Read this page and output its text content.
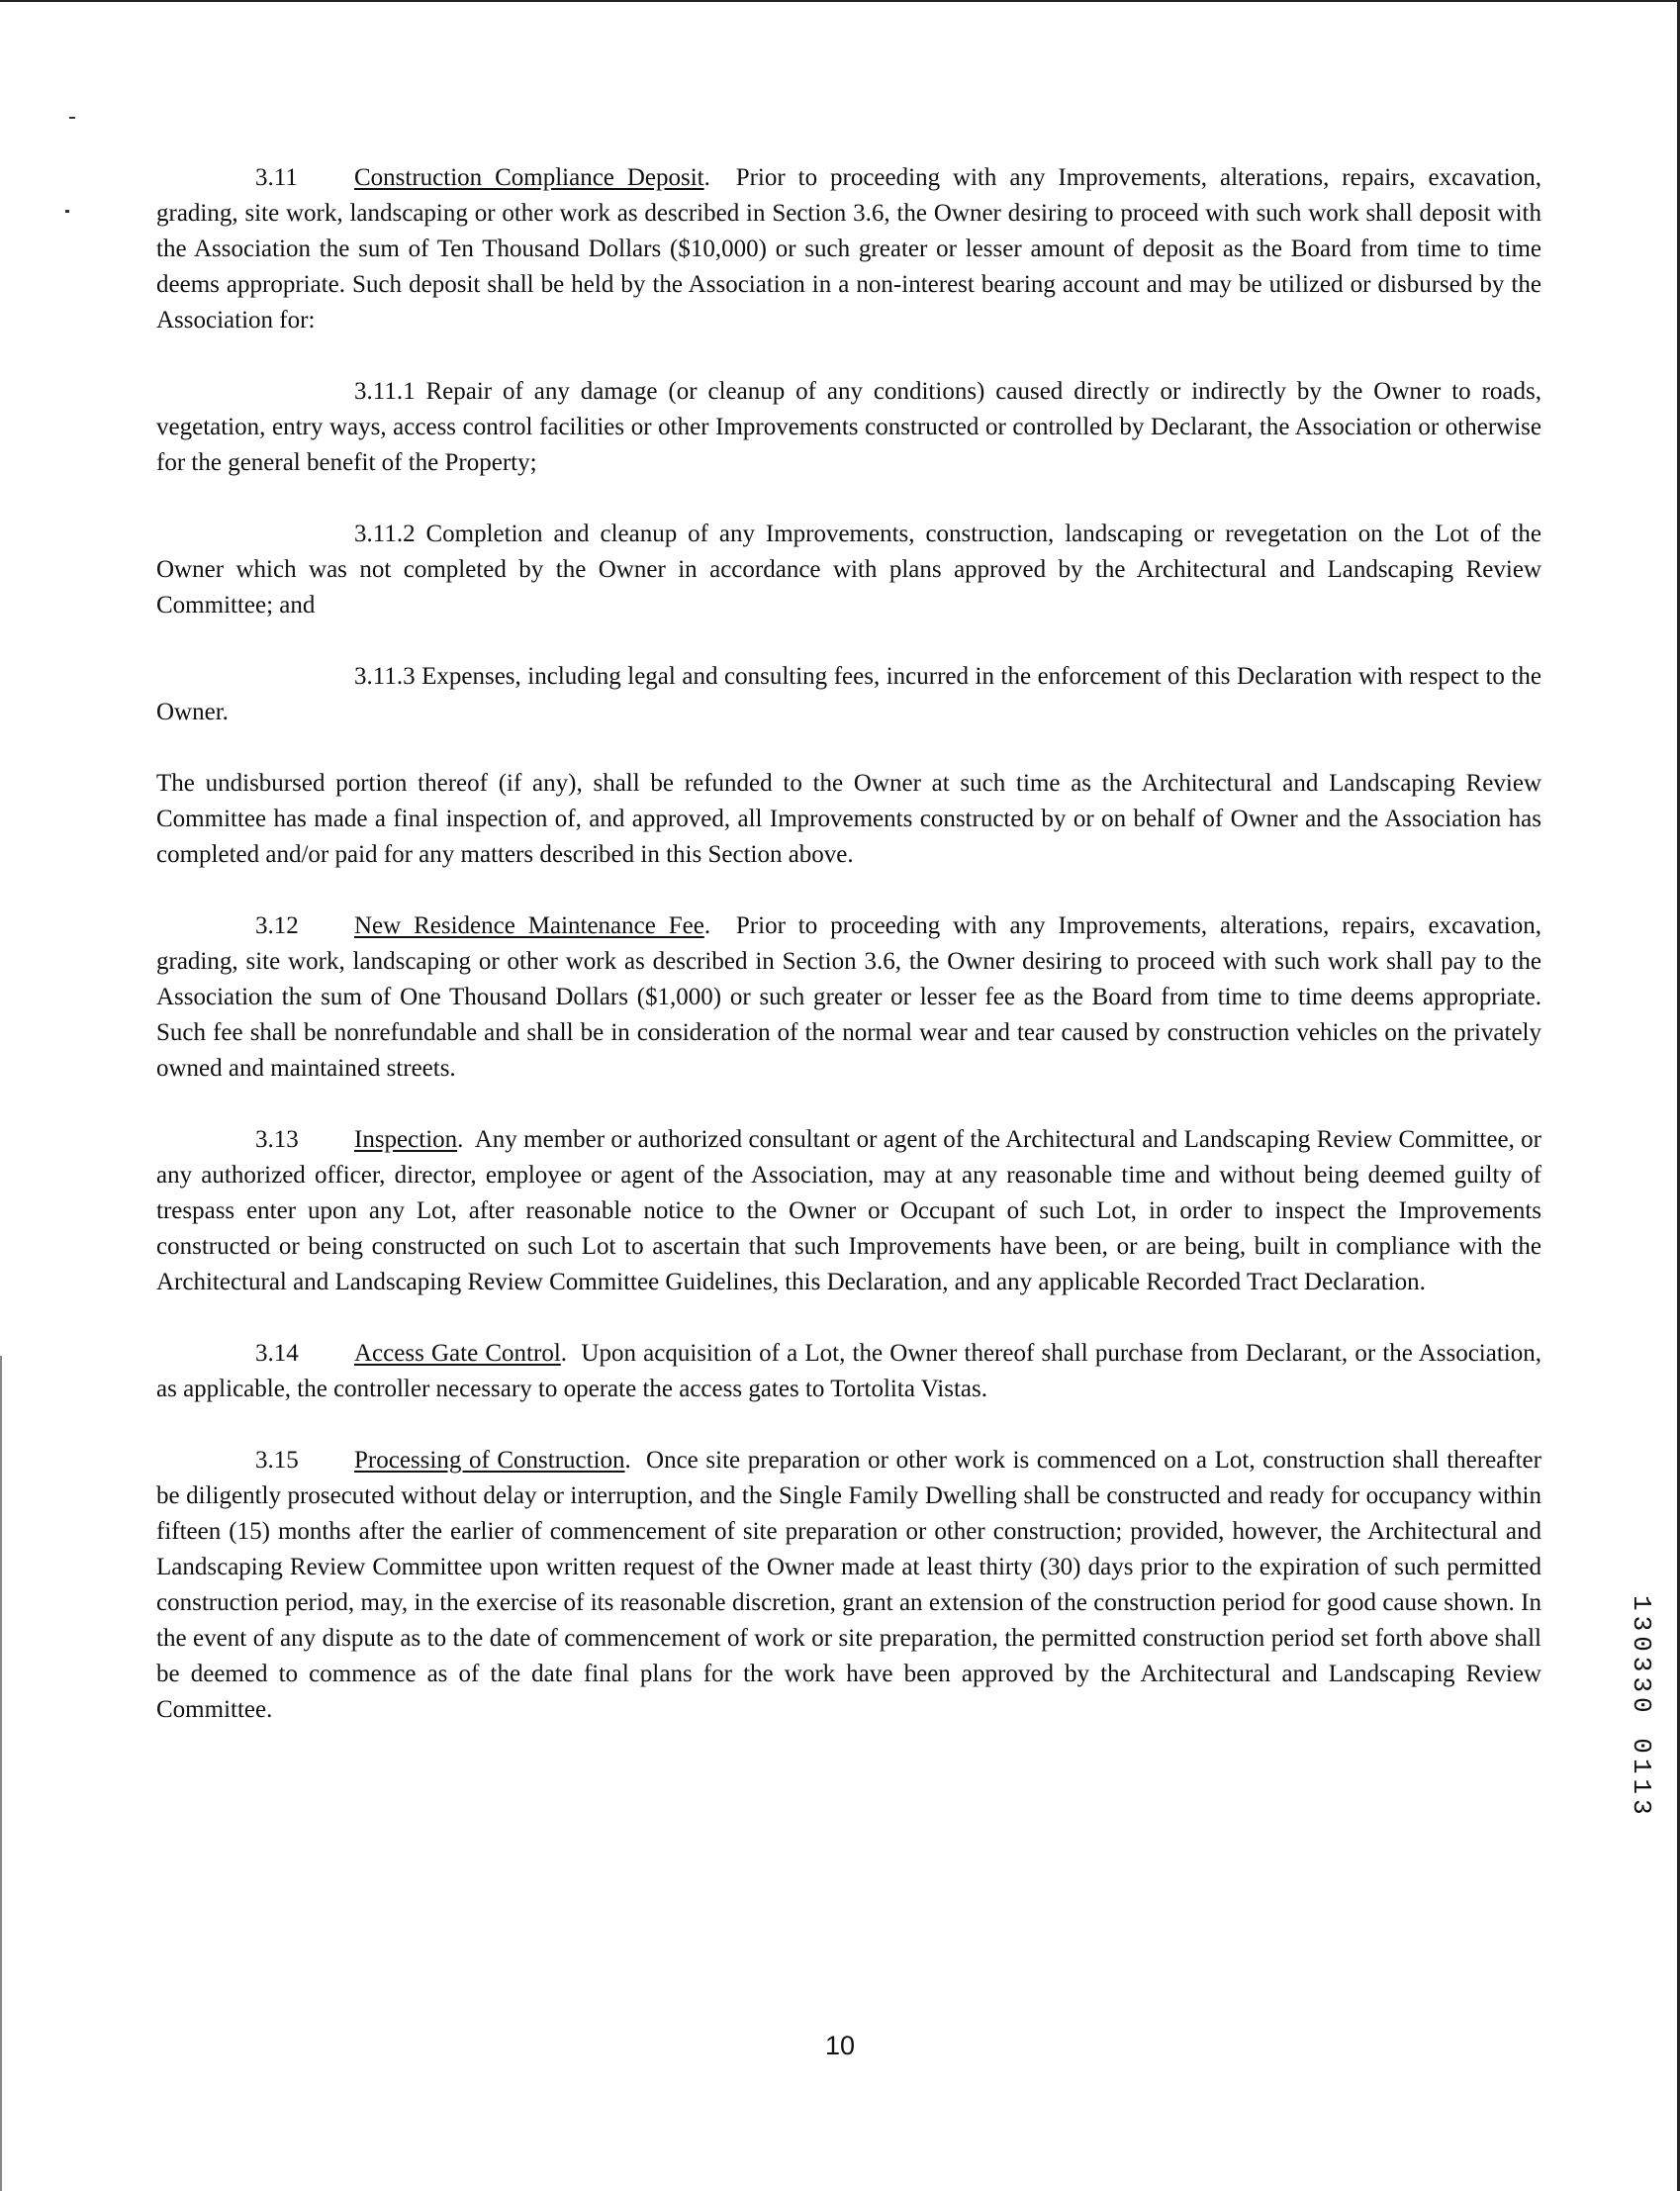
3.11 Construction Compliance Deposit.  Prior to proceeding with any Improvements, alterations, repairs, excavation, grading, site work, landscaping or other work as described in Section 3.6, the Owner desiring to proceed with such work shall deposit with the Association the sum of Ten Thousand Dollars ($10,000) or such greater or lesser amount of deposit as the Board from time to time deems appropriate. Such deposit shall be held by the Association in a non-interest bearing account and may be utilized or disbursed by the Association for:

3.11.1 Repair of any damage (or cleanup of any conditions) caused directly or indirectly by the Owner to roads, vegetation, entry ways, access control facilities or other Improvements constructed or controlled by Declarant, the Association or otherwise for the general benefit of the Property;

3.11.2 Completion and cleanup of any Improvements, construction, landscaping or revegetation on the Lot of the Owner which was not completed by the Owner in accordance with plans approved by the Architectural and Landscaping Review Committee; and

3.11.3 Expenses, including legal and consulting fees, incurred in the enforcement of this Declaration with respect to the Owner.

The undisbursed portion thereof (if any), shall be refunded to the Owner at such time as the Architectural and Landscaping Review Committee has made a final inspection of, and approved, all Improvements constructed by or on behalf of Owner and the Association has completed and/or paid for any matters described in this Section above.

3.12 New Residence Maintenance Fee.  Prior to proceeding with any Improvements, alterations, repairs, excavation, grading, site work, landscaping or other work as described in Section 3.6, the Owner desiring to proceed with such work shall pay to the Association the sum of One Thousand Dollars ($1,000) or such greater or lesser fee as the Board from time to time deems appropriate. Such fee shall be nonrefundable and shall be in consideration of the normal wear and tear caused by construction vehicles on the privately owned and maintained streets.

3.13 Inspection.  Any member or authorized consultant or agent of the Architectural and Landscaping Review Committee, or any authorized officer, director, employee or agent of the Association, may at any reasonable time and without being deemed guilty of trespass enter upon any Lot, after reasonable notice to the Owner or Occupant of such Lot, in order to inspect the Improvements constructed or being constructed on such Lot to ascertain that such Improvements have been, or are being, built in compliance with the Architectural and Landscaping Review Committee Guidelines, this Declaration, and any applicable Recorded Tract Declaration.

3.14 Access Gate Control.  Upon acquisition of a Lot, the Owner thereof shall purchase from Declarant, or the Association, as applicable, the controller necessary to operate the access gates to Tortolita Vistas.

3.15 Processing of Construction.  Once site preparation or other work is commenced on a Lot, construction shall thereafter be diligently prosecuted without delay or interruption, and the Single Family Dwelling shall be constructed and ready for occupancy within fifteen (15) months after the earlier of commencement of site preparation or other construction; provided, however, the Architectural and Landscaping Review Committee upon written request of the Owner made at least thirty (30) days prior to the expiration of such permitted construction period, may, in the exercise of its reasonable discretion, grant an extension of the construction period for good cause shown. In the event of any dispute as to the date of commencement of work or site preparation, the permitted construction period set forth above shall be deemed to commence as of the date final plans for the work have been approved by the Architectural and Landscaping Review Committee.	130330 0113
10
